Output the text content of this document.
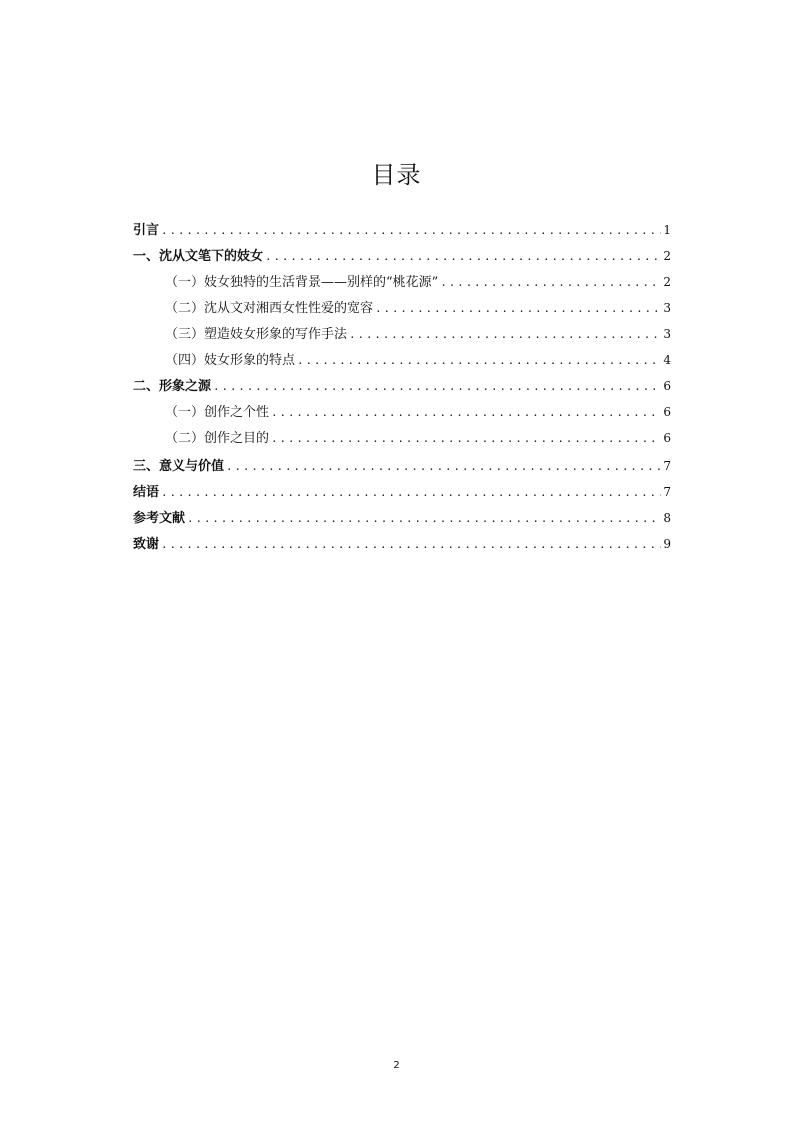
目录
引言 .....	1
一、沈从文笔下的妓女 .....	2
（一）妓女独特的生活背景——别样的“桃花源” .....	2
（二）沈从文对湘西女性性爱的宽容 .....	3
（三）塑造妓女形象的写作手法 .....	3
（四）妓女形象的特点 .....	4
二、形象之源 .....	6
（一）创作之个性 .....	6
（二）创作之目的 .....	6
三、意义与价值 .....	7
结语 .....	7
参考文献 .....	8
致谢 .....	9
2
